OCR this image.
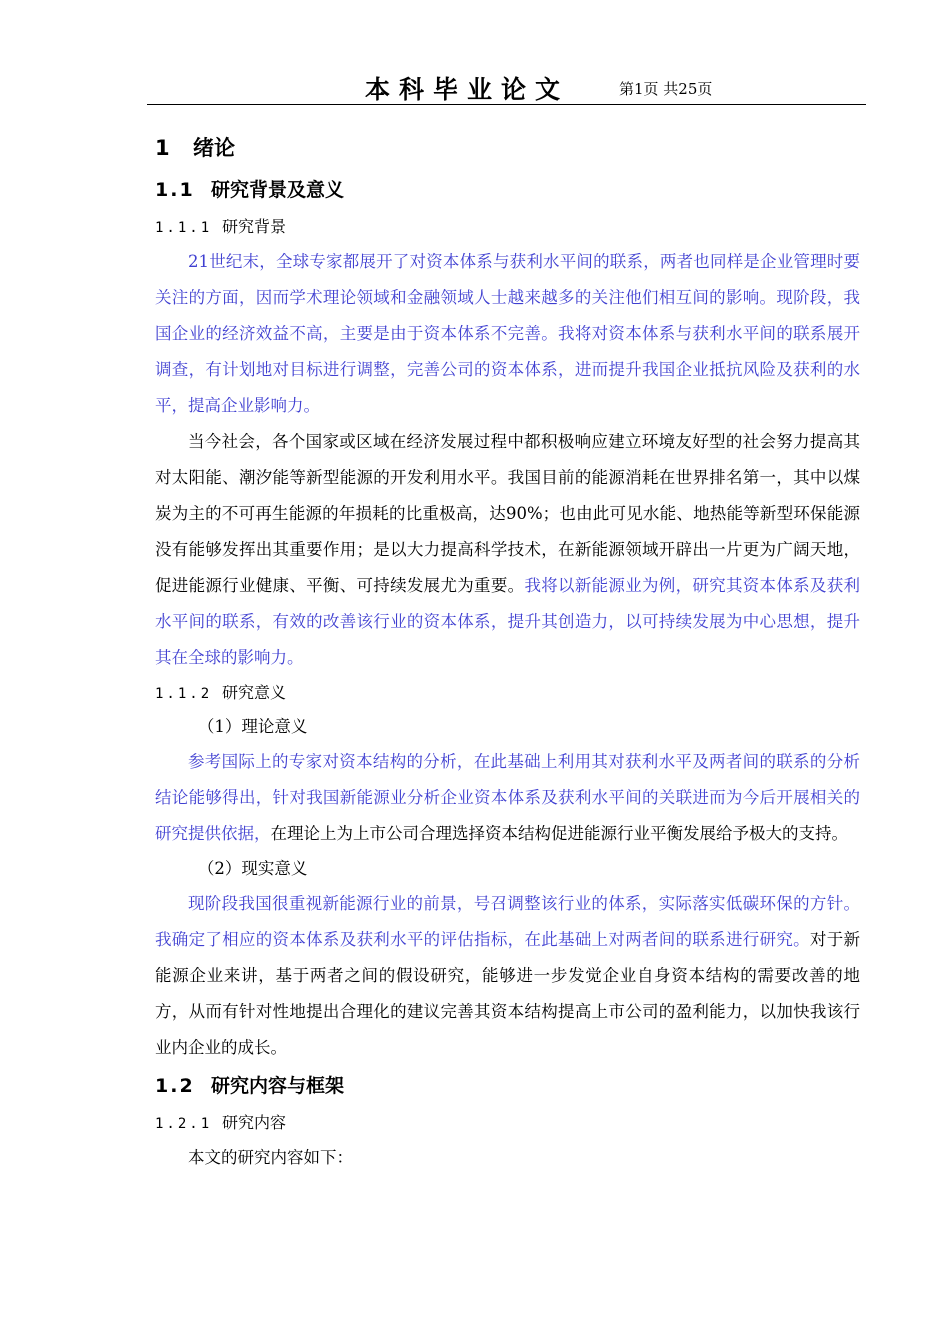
本科毕业论文	第1页 共25页
1 绪论
1.1 研究背景及意义
1.1.1 研究背景

21世纪末，全球专家都展开了对资本体系与获利水平间的联系，两者也同样是企业管理时要关注的方面，因而学术理论领域和金融领域人士越来越多的关注他们相互间的影响。现阶段，我国企业的经济效益不高，主要是由于资本体系不完善。我将对资本体系与获利水平间的联系展开调查，有计划地对目标进行调整，完善公司的资本体系，进而提升我国企业抵抗风险及获利的水平，提高企业影响力。

当今社会，各个国家或区域在经济发展过程中都积极响应建立环境友好型的社会努力提高其对太阳能、潮汐能等新型能源的开发利用水平。我国目前的能源消耗在世界排名第一，其中以煤炭为主的不可再生能源的年损耗的比重极高，达90%；也由此可见水能、地热能等新型环保能源没有能够发挥出其重要作用；是以大力提高科学技术，在新能源领域开辟出一片更为广阔天地，促进能源行业健康、平衡、可持续发展尤为重要。我将以新能源业为例，研究其资本体系及获利水平间的联系，有效的改善该行业的资本体系，提升其创造力，以可持续发展为中心思想，提升其在全球的影响力。

1.1.2 研究意义

（1）理论意义

参考国际上的专家对资本结构的分析，在此基础上利用其对获利水平及两者间的联系的分析结论能够得出，针对我国新能源业分析企业资本体系及获利水平间的关联进而为今后开展相关的研究提供依据，在理论上为上市公司合理选择资本结构促进能源行业平衡发展给予极大的支持。

（2）现实意义

现阶段我国很重视新能源行业的前景，号召调整该行业的体系，实际落实低碳环保的方针。我确定了相应的资本体系及获利水平的评估指标，在此基础上对两者间的联系进行研究。对于新能源企业来讲，基于两者之间的假设研究，能够进一步发觉企业自身资本结构的需要改善的地方，从而有针对性地提出合理化的建议完善其资本结构提高上市公司的盈利能力，以加快我该行业内企业的成长。

1.2 研究内容与框架
1.2.1 研究内容

本文的研究内容如下：
